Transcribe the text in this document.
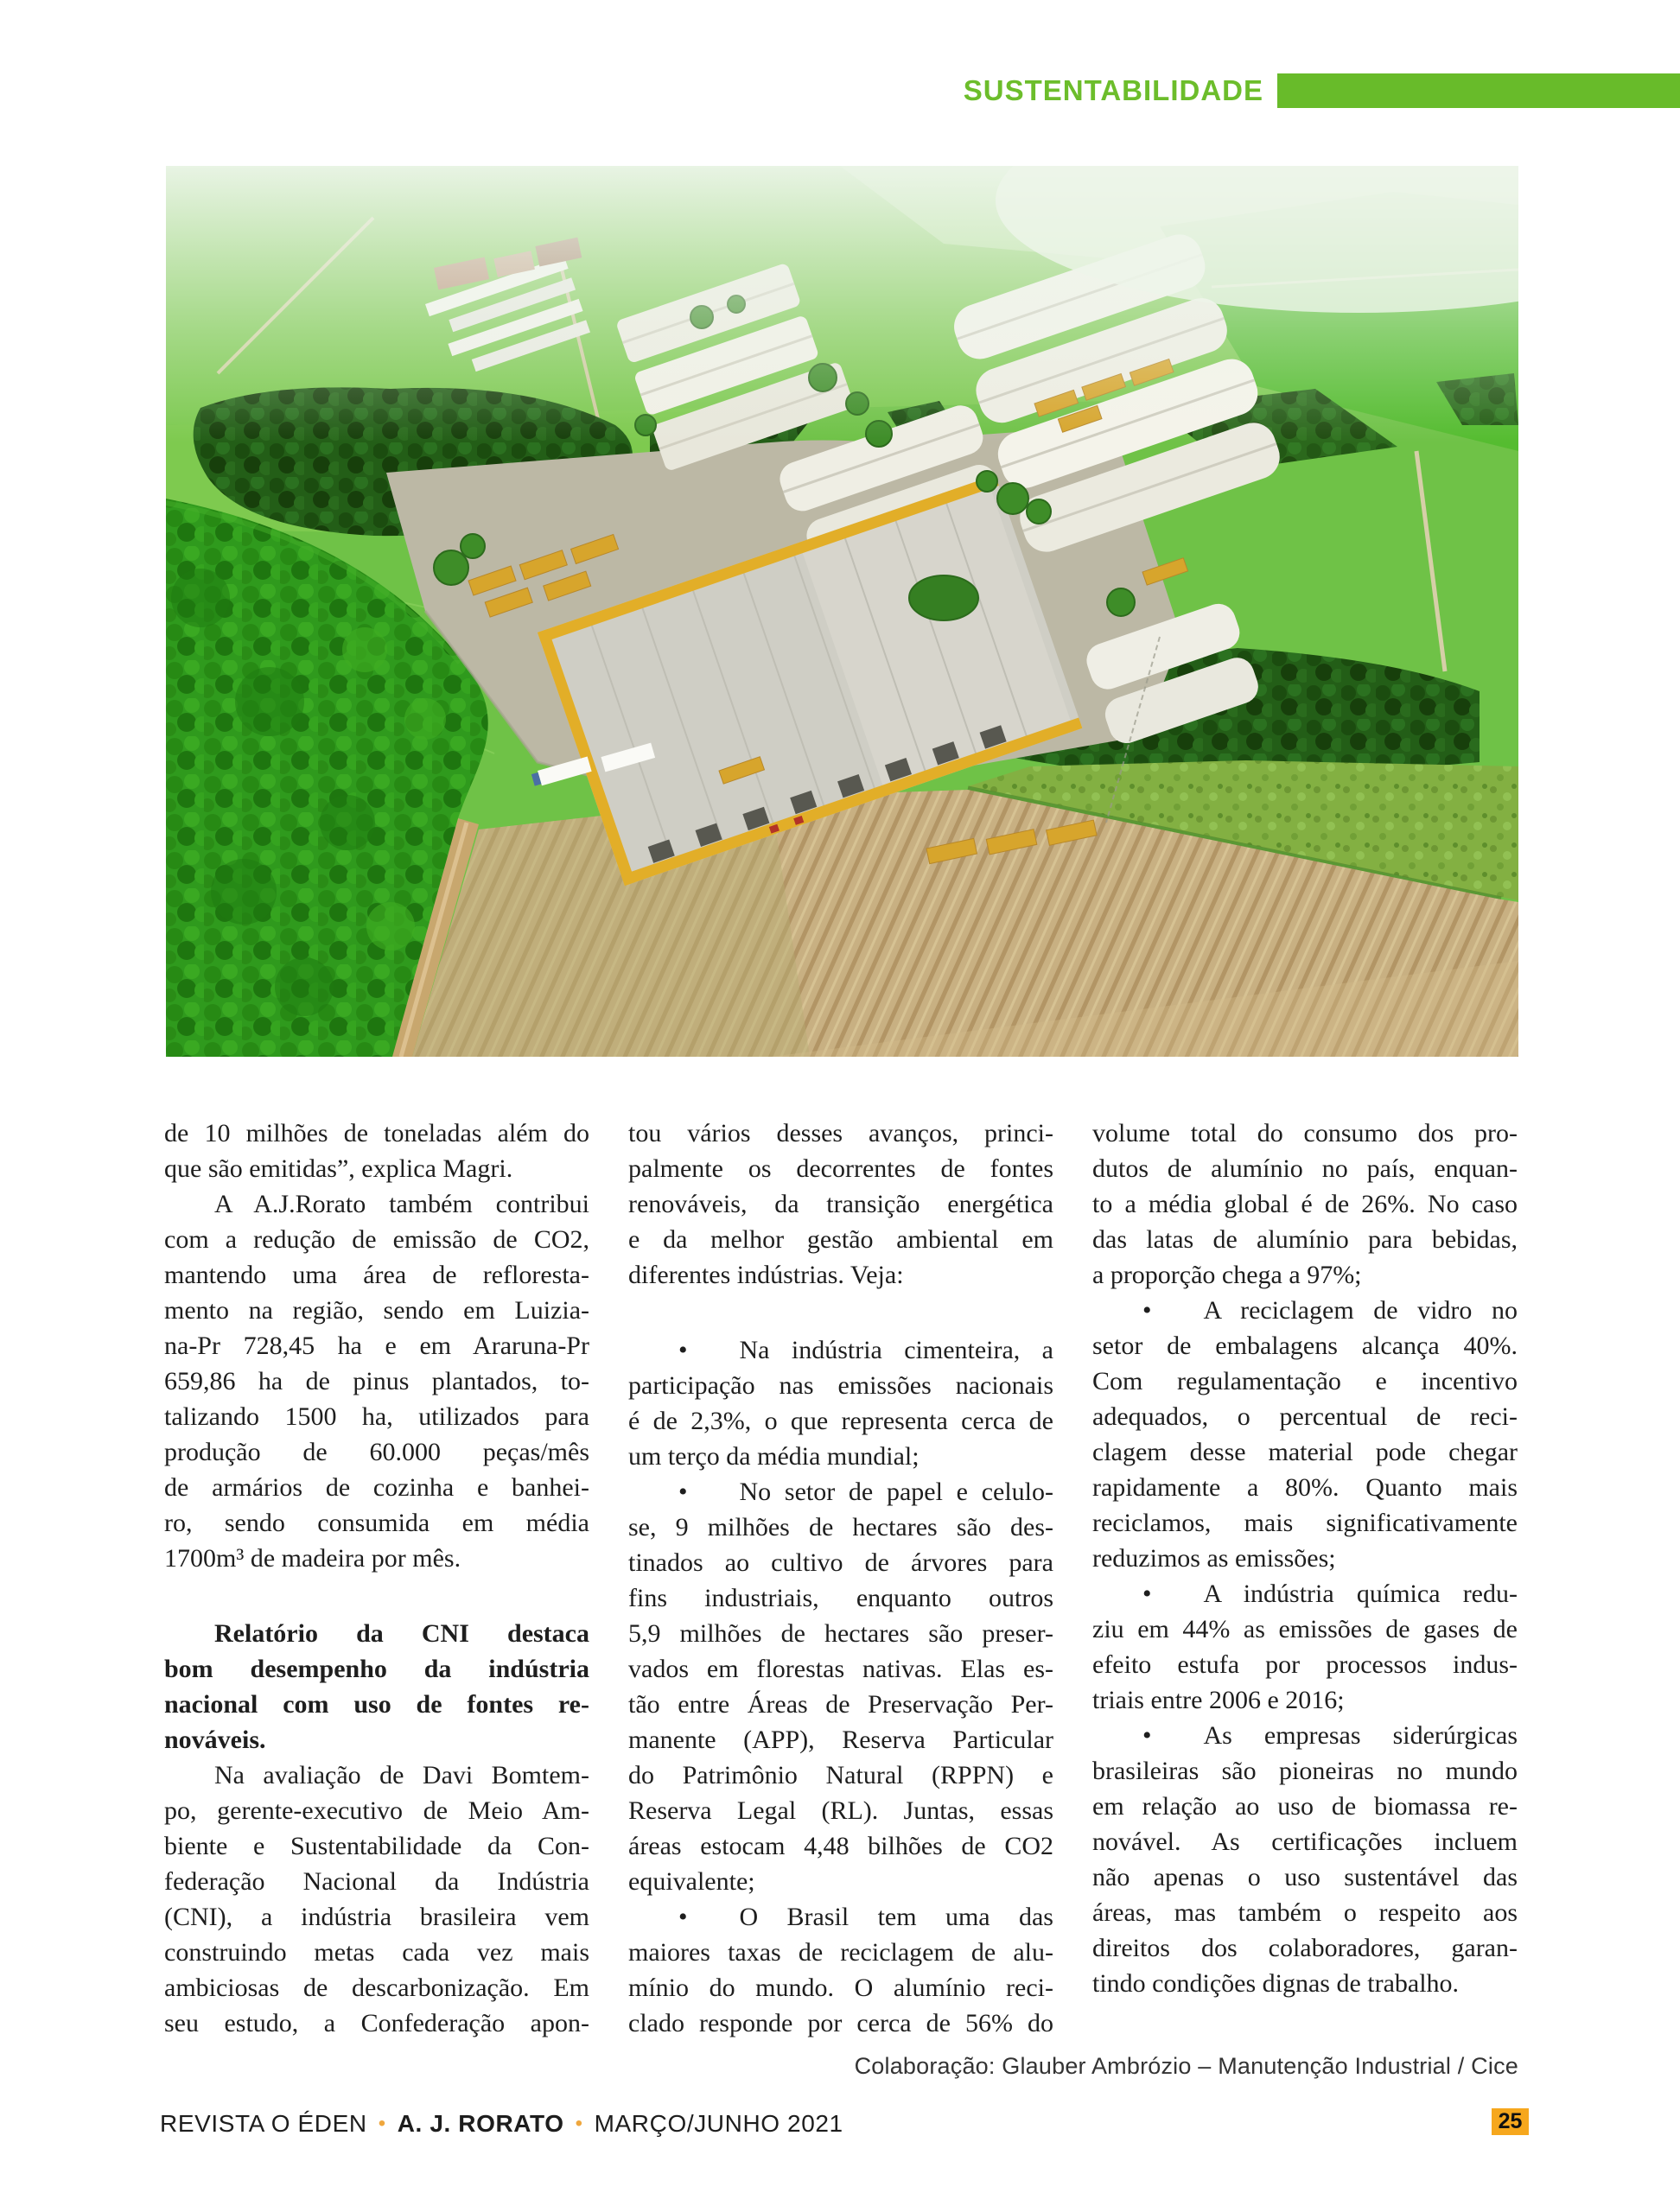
SUSTENTABILIDADE
de 10 milhões de toneladas além do
que são emitidas”, explica Magri.
A A.J.Rorato também contribui
com a redução de emissão de CO2,
mantendo uma área de refloresta-
mento na região, sendo em Luizia-
na-Pr 728,45 ha e em Araruna-Pr
659,86 ha de pinus plantados, to-
talizando 1500 ha, utilizados para
produção de 60.000 peças/mês
de armários de cozinha e banhei-
ro, sendo consumida em média
1700m³ de madeira por mês.
Relatório da CNI destaca
bom desempenho da indústria
nacional com uso de fontes re-
nováveis.
Na avaliação de Davi Bomtem-
po, gerente-executivo de Meio Am-
biente e Sustentabilidade da Con-
federação Nacional da Indústria
(CNI), a indústria brasileira vem
construindo metas cada vez mais
ambiciosas de descarbonização. Em
seu estudo, a Confederação apon-
tou vários desses avanços, princi-
palmente os decorrentes de fontes
renováveis, da transição energética
e da melhor gestão ambiental em
diferentes indústrias. Veja:
•  Na indústria cimenteira, a
participação nas emissões nacionais
é de 2,3%, o que representa cerca de
um terço da média mundial;
•  No setor de papel e celulo-
se, 9 milhões de hectares são des-
tinados ao cultivo de árvores para
fins industriais, enquanto outros
5,9 milhões de hectares são preser-
vados em florestas nativas. Elas es-
tão entre Áreas de Preservação Per-
manente (APP), Reserva Particular
do Patrimônio Natural (RPPN) e
Reserva Legal (RL). Juntas, essas
áreas estocam 4,48 bilhões de CO2
equivalente;
•  O Brasil tem uma das
maiores taxas de reciclagem de alu-
mínio do mundo. O alumínio reci-
clado responde por cerca de 56% do
volume total do consumo dos pro-
dutos de alumínio no país, enquan-
to a média global é de 26%. No caso
das latas de alumínio para bebidas,
a proporção chega a 97%;
•  A reciclagem de vidro no
setor de embalagens alcança 40%.
Com regulamentação e incentivo
adequados, o percentual de reci-
clagem desse material pode chegar
rapidamente a 80%. Quanto mais
reciclamos, mais significativamente
reduzimos as emissões;
•  A indústria química redu-
ziu em 44% as emissões de gases de
efeito estufa por processos indus-
triais entre 2006 e 2016;
•  As empresas siderúrgicas
brasileiras são pioneiras no mundo
em relação ao uso de biomassa re-
novável. As certificações incluem
não apenas o uso sustentável das
áreas, mas também o respeito aos
direitos dos colaboradores, garan-
tindo condições dignas de trabalho.
Colaboração: Glauber Ambrózio – Manutenção Industrial / Cice
REVISTA O ÉDEN • A. J. RORATO • MARÇO/JUNHO 2021	25
